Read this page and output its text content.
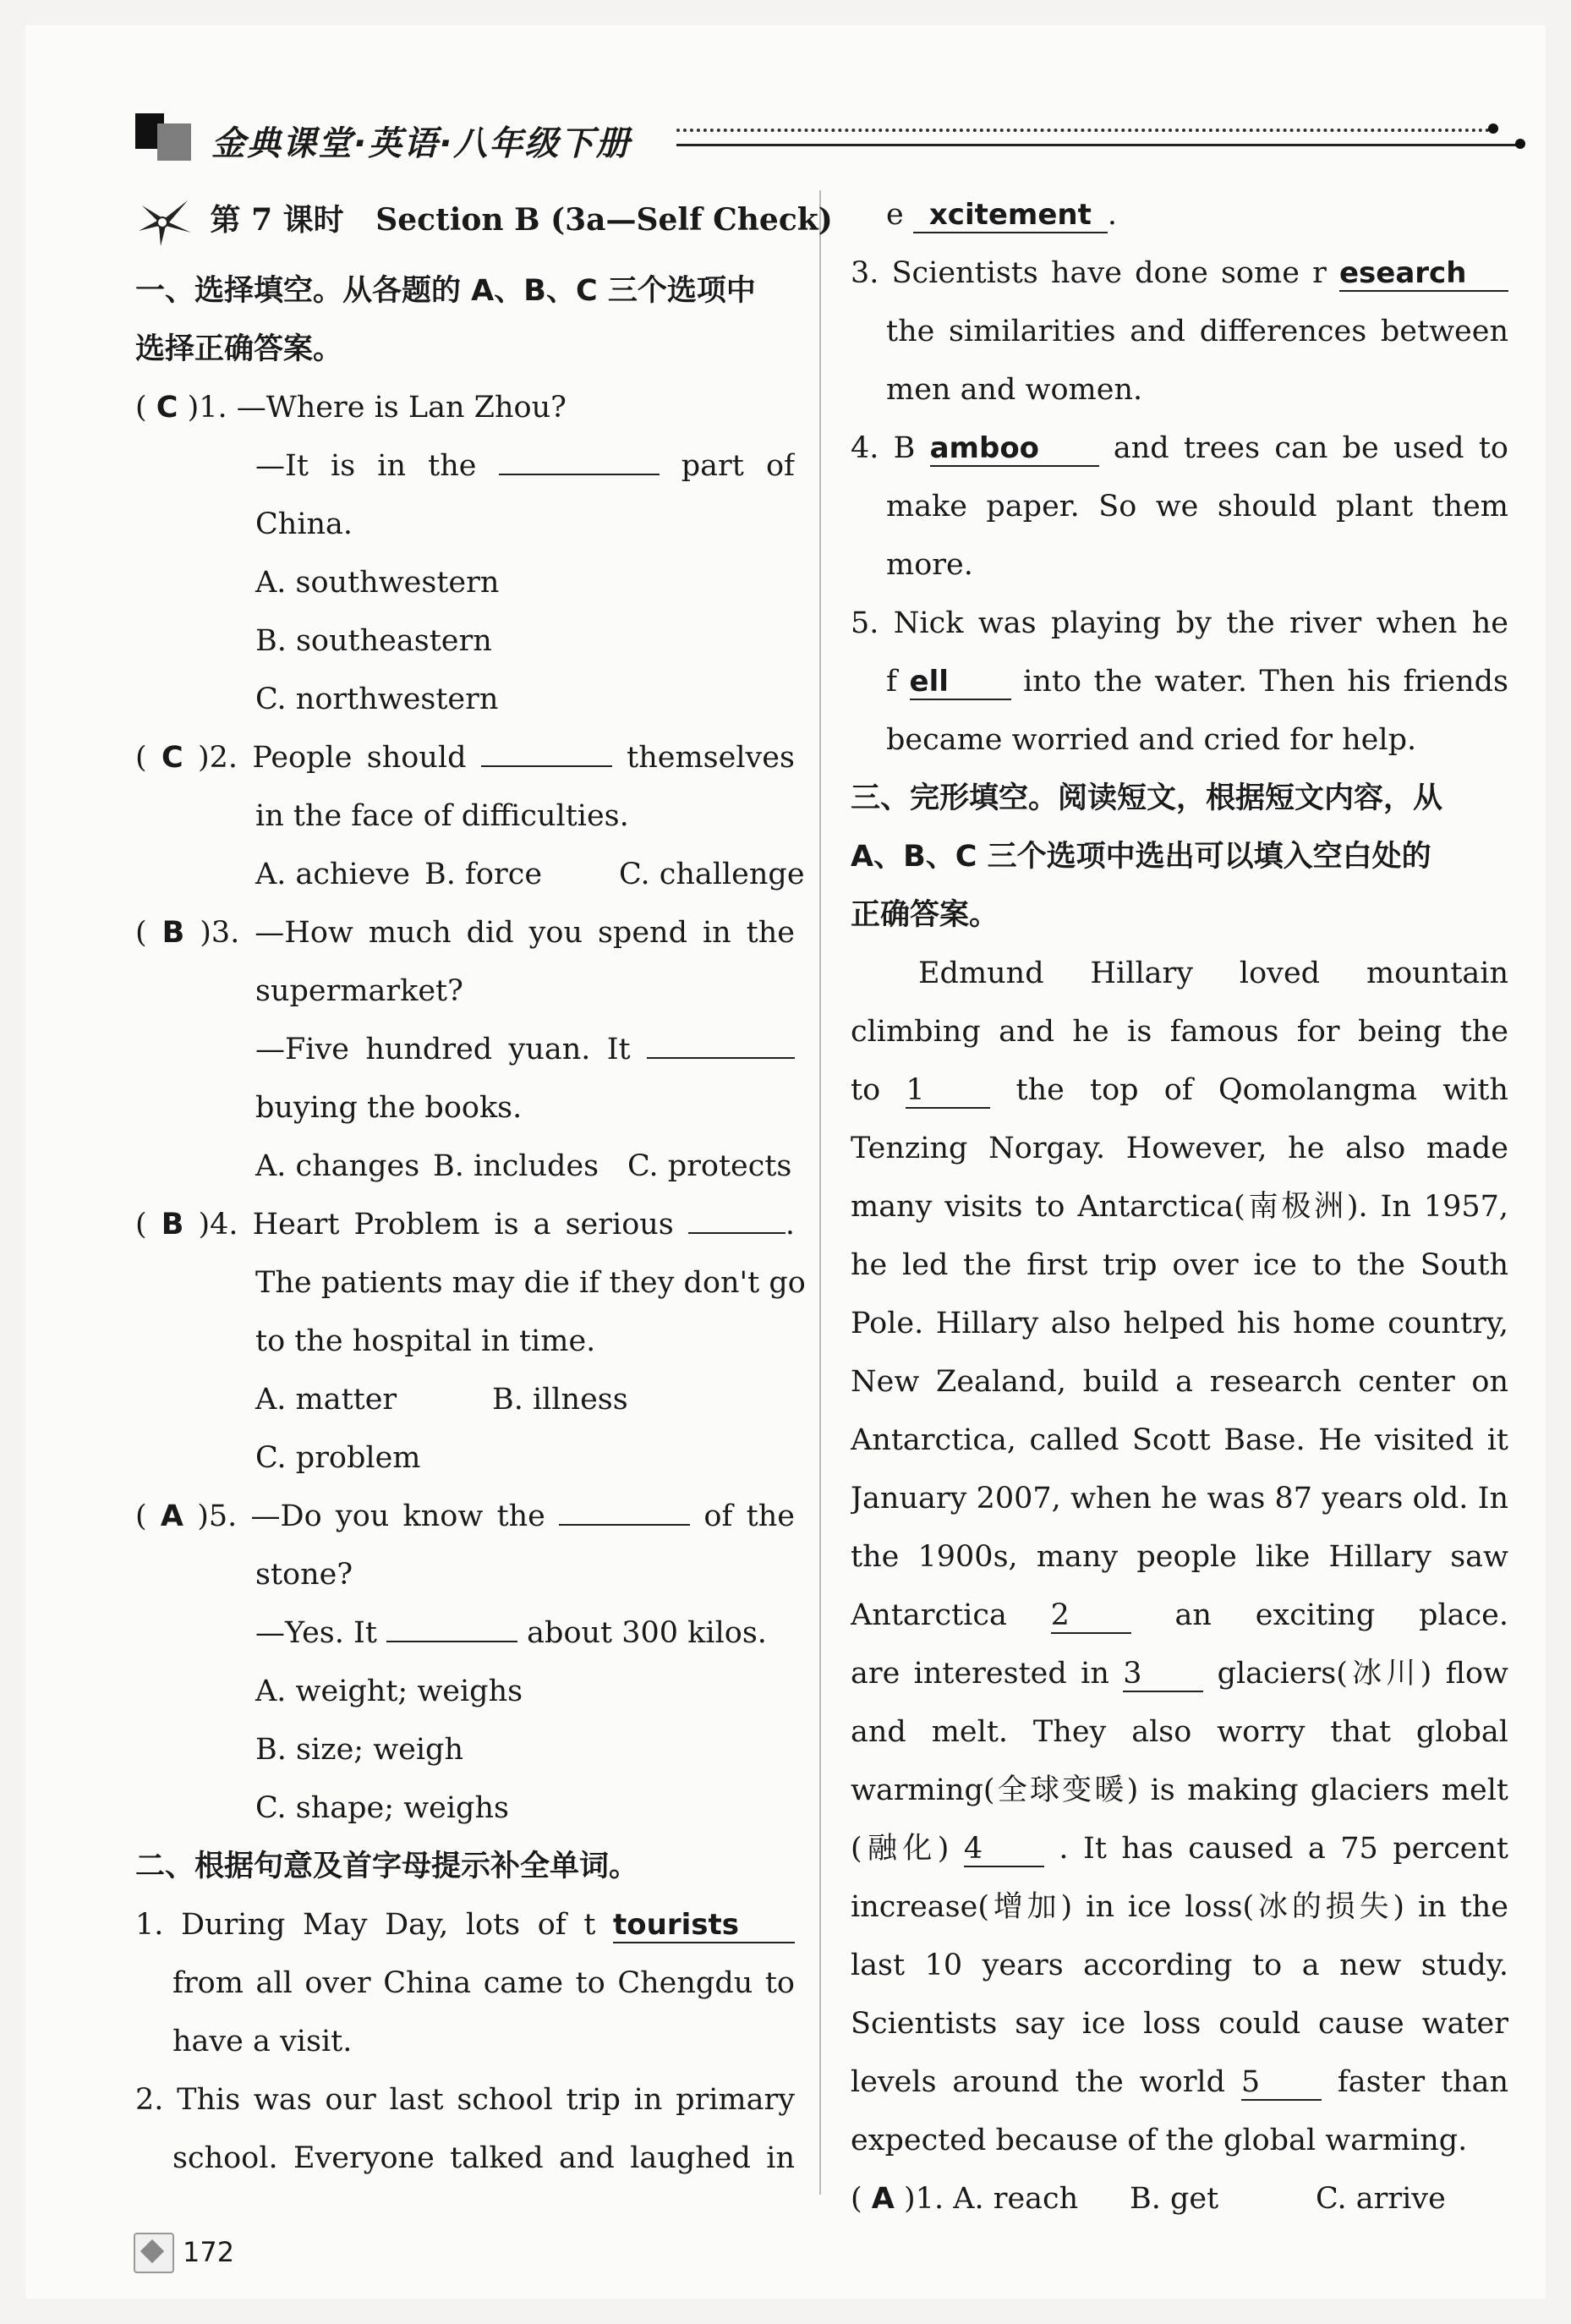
金典课堂·英语·八年级下册
第 7 课时 Section B (3a—Self Check)
一、选择填空。从各题的 A、B、C 三个选项中
选择正确答案。
( C )1. —Where is Lan Zhou?
—It is in the	part of
China.
A. southwestern
B. southeastern
C. northwestern
( C )2. People should	themselves
in the face of difficulties.
A. achieve B. force	C. challenge
( B )3. —How much did you spend in the
supermarket?
—Five hundred yuan. It
buying the books.
A. changes B. includes C. protects
( B )4. Heart Problem is a serious	.
The patients may die if they don't go
to the hospital in time.
A. matter	B. illness
C. problem
( A )5. —Do you know the	of the
stone?
—Yes. It	about 300 kilos.
A. weight; weighs
B. size; weigh
C. shape; weighs
二、根据句意及首字母提示补全单词。
1. During May Day, lots of t tourists
from all over China came to Chengdu to
have a visit.
2. This was our last school trip in primary
school. Everyone talked and laughed in
e xcitement .
3. Scientists have done some r esearch
the similarities and differences between
men and women.
4. B amboo	and trees can be used to
make paper. So we should plant them
more.
5. Nick was playing by the river when he
f ell	into the water. Then his friends
became worried and cried for help.
三、完形填空。阅读短文，根据短文内容，从
A、B、C 三个选项中选出可以填入空白处的
正确答案。
Edmund Hillary loved mountain
climbing and he is famous for being the
to 1	the top of Qomolangma with
Tenzing Norgay. However, he also made
many visits to Antarctica(南极洲). In 1957,
he led the first trip over ice to the South
Pole. Hillary also helped his home country,
New Zealand, build a research center on
Antarctica, called Scott Base. He visited it
January 2007, when he was 87 years old. In
the 1900s, many people like Hillary saw
Antarctica 2	an exciting place.
are interested in 3	glaciers(冰川) flow
and melt. They also worry that global
warming(全球变暖) is making glaciers melt
(融化) 4	. It has caused a 75 percent
increase(增加) in ice loss(冰的损失) in the
last 10 years according to a new study.
Scientists say ice loss could cause water
levels around the world 5	faster than
expected because of the global warming.
( A )1. A. reach B. get	C. arrive
172
